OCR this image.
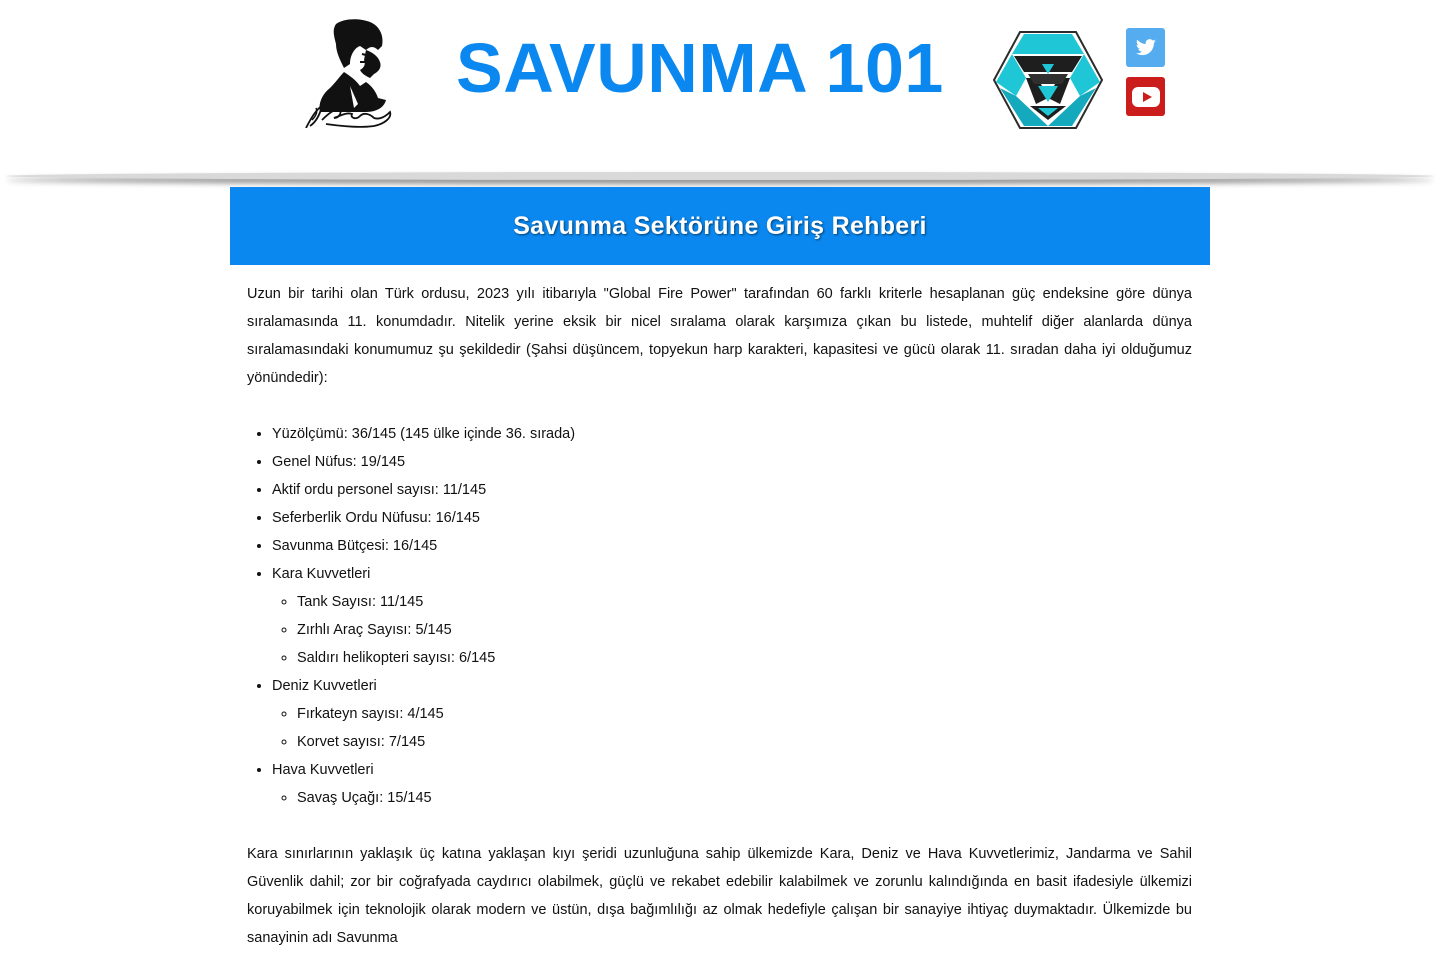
SAVUNMA 101
Savunma Sektörüne Giriş Rehberi

Uzun bir tarihi olan Türk ordusu, 2023 yılı itibarıyla "Global Fire Power" tarafından 60 farklı kriterle hesaplanan güç endeksine göre dünya sıralamasında 11. konumdadır. Nitelik yerine eksik bir nicel sıralama olarak karşımıza çıkan bu listede, muhtelif diğer alanlarda dünya sıralamasındaki konumumuz şu şekildedir (Şahsi düşüncem, topyekun harp karakteri, kapasitesi ve gücü olarak 11. sıradan daha iyi olduğumuz yönündedir):

• Yüzölçümü: 36/145 (145 ülke içinde 36. sırada)
• Genel Nüfus: 19/145
• Aktif ordu personel sayısı: 11/145
• Seferberlik Ordu Nüfusu: 16/145
• Savunma Bütçesi: 16/145
• Kara Kuvvetleri
◦ Tank Sayısı: 11/145
◦ Zırhlı Araç Sayısı: 5/145
◦ Saldırı helikopteri sayısı: 6/145
• Deniz Kuvvetleri
◦ Fırkateyn sayısı: 4/145
◦ Korvet sayısı: 7/145
• Hava Kuvvetleri
◦ Savaş Uçağı: 15/145

Kara sınırlarının yaklaşık üç katına yaklaşan kıyı şeridi uzunluğuna sahip ülkemizde Kara, Deniz ve Hava Kuvvetlerimiz, Jandarma ve Sahil Güvenlik dahil; zor bir coğrafyada caydırıcı olabilmek, güçlü ve rekabet edebilir kalabilmek ve zorunlu kalındığında en basit ifadesiyle ülkemizi koruyabilmek için teknolojik olarak modern ve üstün, dışa bağımlılığı az olmak hedefiyle çalışan bir sanayiye ihtiyaç duymaktadır. Ülkemizde bu sanayinin adı Savunma
